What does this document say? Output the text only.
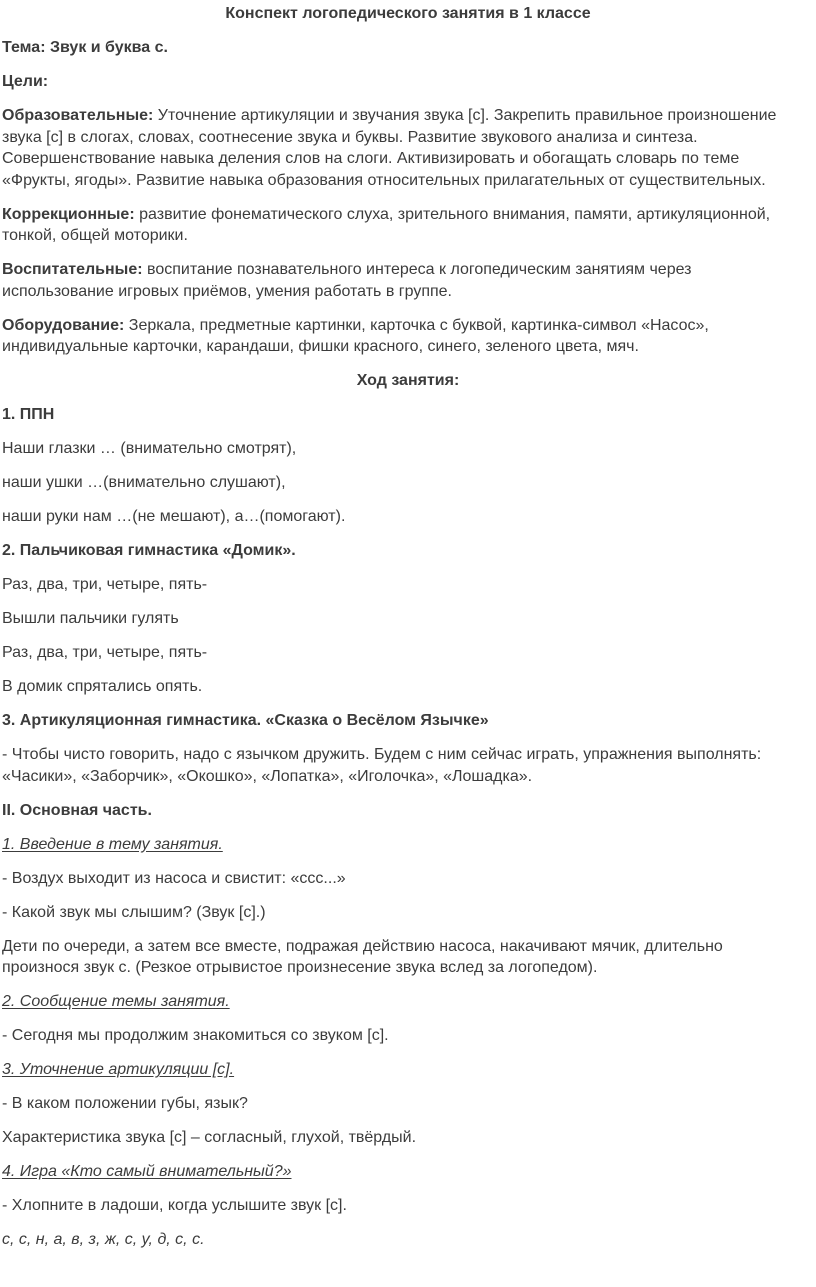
Конспект логопедического занятия в 1 классе

Тема: Звук и буква с.

Цели:

Образовательные: Уточнение артикуляции и звучания звука [с]. Закрепить правильное произношение звука [с] в слогах, словах, соотнесение звука и буквы. Развитие звукового анализа и синтеза. Совершенствование навыка деления слов на слоги. Активизировать и обогащать словарь по теме «Фрукты, ягоды». Развитие навыка образования относительных прилагательных от существительных.

Коррекционные: развитие фонематического слуха, зрительного внимания, памяти, артикуляционной, тонкой, общей моторики.

Воспитательные: воспитание познавательного интереса к логопедическим занятиям через использование игровых приёмов, умения работать в группе.

Оборудование: Зеркала, предметные картинки, карточка с буквой, картинка-символ «Насос», индивидуальные карточки, карандаши, фишки красного, синего, зеленого цвета, мяч.

Ход занятия:

1. ППН

Наши глазки … (внимательно смотрят),

наши ушки …(внимательно слушают),

наши руки нам …(не мешают), а…(помогают).

2. Пальчиковая гимнастика «Домик».

Раз, два, три, четыре, пять-

Вышли пальчики гулять

Раз, два, три, четыре, пять-

В домик спрятались опять.

3. Артикуляционная гимнастика. «Сказка о Весёлом Язычке»

- Чтобы чисто говорить, надо с язычком дружить. Будем с ним сейчас играть, упражнения выполнять: «Часики», «Заборчик», «Окошко», «Лопатка», «Иголочка», «Лошадка».

II. Основная часть.

1. Введение в тему занятия.

- Воздух выходит из насоса и свистит: «ссс...»

- Какой звук мы слышим? (Звук [с].)

Дети по очереди, а затем все вместе, подражая действию насоса, накачивают мячик, длительно произнося звук с. (Резкое отрывистое произнесение звука вслед за логопедом).

2. Сообщение темы занятия.

- Сегодня мы продолжим знакомиться со звуком [с].

3. Уточнение артикуляции [с].

- В каком положении губы, язык?

Характеристика звука [с] – согласный, глухой, твёрдый.

4. Игра «Кто самый внимательный?»

- Хлопните в ладоши, когда услышите звук [с].

с, с, н, а, в, з, ж, с, у, д, с, с.
